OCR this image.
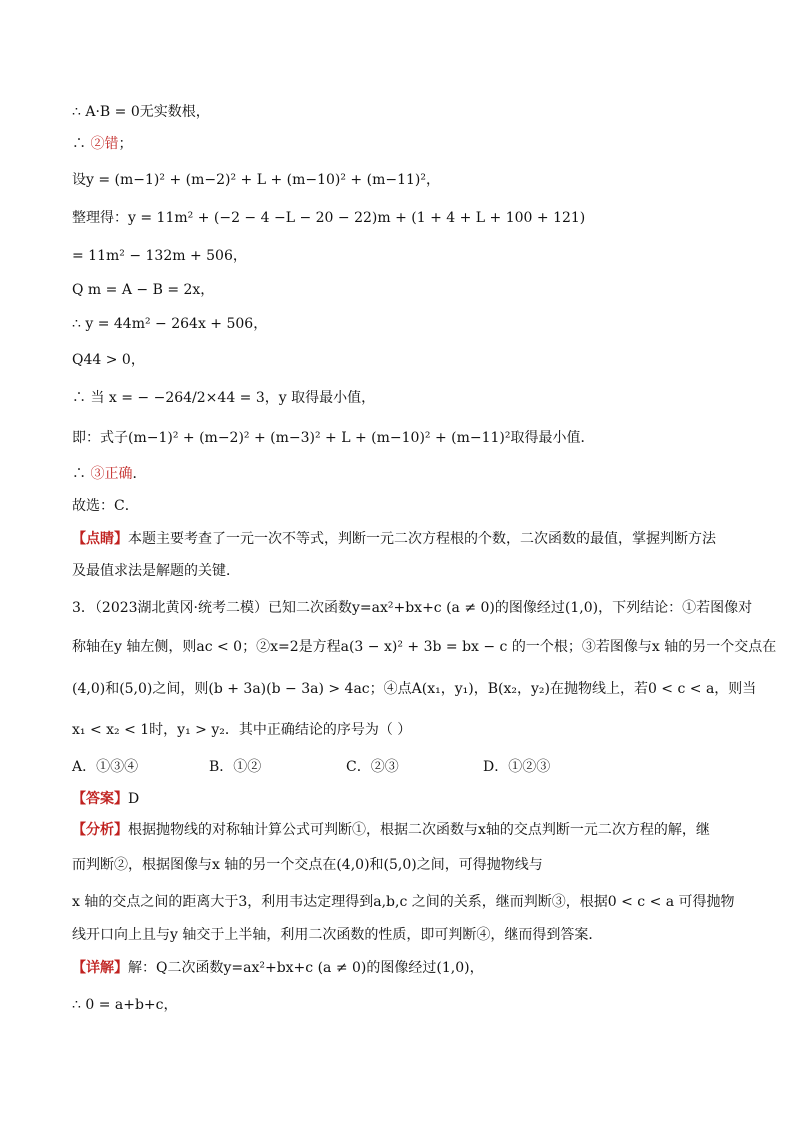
∴ A·B = 0无实数根，
∴ ②错；
设y = (m−1)² + (m−2)² + L + (m−10)² + (m−11)²，
整理得：y = 11m² + (−2 − 4 −L − 20 − 22)m + (1 + 4 + L + 100 + 121)
= 11m² − 132m + 506，
Q m = A − B = 2x，
∴ y = 44m² − 264x + 506，
Q44 > 0，
∴ 当 x = − −264/2×44 = 3，y 取得最小值，
即：式子(m−1)² + (m−2)² + (m−3)² + L + (m−10)² + (m−11)²取得最小值．
∴ ③正确．
故选：C．
【点睛】本题主要考查了一元一次不等式，判断一元二次方程根的个数，二次函数的最值，掌握判断方法
及最值求法是解题的关键．
3．（2023湖北黄冈·统考二模）已知二次函数y=ax²+bx+c (a ≠ 0)的图像经过(1,0)，下列结论：①若图像对
称轴在y 轴左侧，则ac < 0；②x=2是方程a(3 − x)² + 3b = bx − c 的一个根；③若图像与x 轴的另一个交点在
(4,0)和(5,0)之间，则(b + 3a)(b − 3a) > 4ac；④点A(x₁，y₁)，B(x₂，y₂)在抛物线上，若0 < c < a，则当
x₁ < x₂ < 1时，y₁ > y₂．其中正确结论的序号为（ ）
A．①③④	B．①②	C．②③	D．①②③
【答案】D
【分析】根据抛物线的对称轴计算公式可判断①，根据二次函数与x轴的交点判断一元二次方程的解，继
而判断②，根据图像与x 轴的另一个交点在(4,0)和(5,0)之间，可得抛物线与
x 轴的交点之间的距离大于3，利用韦达定理得到a,b,c 之间的关系，继而判断③，根据0 < c < a 可得抛物
线开口向上且与y 轴交于上半轴，利用二次函数的性质，即可判断④，继而得到答案．
【详解】解：Q二次函数y=ax²+bx+c (a ≠ 0)的图像经过(1,0)，
∴ 0 = a+b+c，
